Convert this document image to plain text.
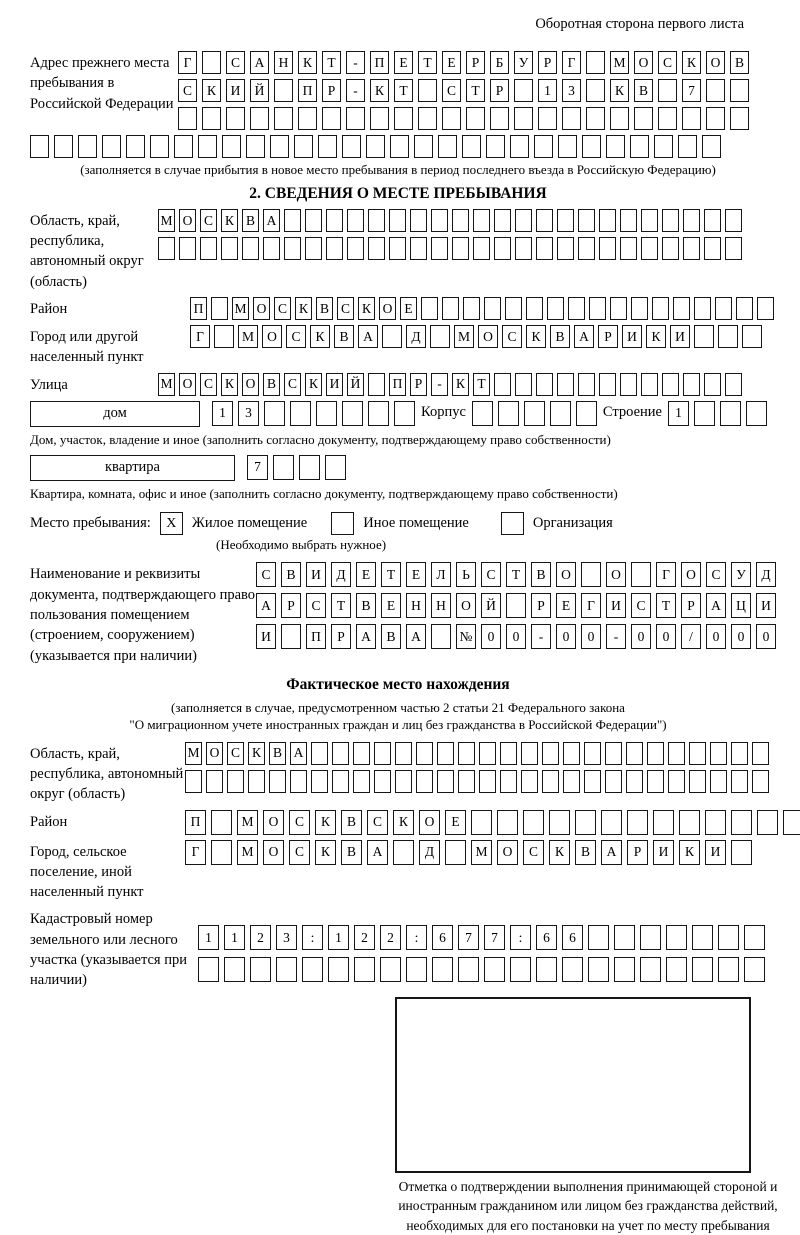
Оборотная сторона первого листа
Адрес прежнего места пребывания в Российской Федерации
Г	С	А	Н	К	Т	-	П	Е	Т	Е	Р	Б	У	Р	Г	М О	С	К	О	В
С	К	И	Й	П	Р	-	К	Т	С	Т	Р	1	3	К	В	7
(заполняется в случае прибытия в новое место пребывания в период последнего въезда в Российскую Федерацию)
2. СВЕДЕНИЯ О МЕСТЕ ПРЕБЫВАНИЯ
Область, край, республика, автономный округ (область)
М О С К В А
Район	П М О С К В С К О Е
Город или другой населенный пункт
Г	М О	С	К	В	А	Д	М О	С	К	В	А	Р	И	К	И
Улица	М О С К О В С К И Й П Р	-	К Т
дом	1	3	Корпус	Строение 1
Дом, участок, владение и иное (заполнить согласно документу, подтверждающему право собственности)
квартира	7
Квартира, комната, офис и иное (заполнить согласно документу, подтверждающему право собственности)
Место пребывания:	X	Жилое помещение	Иное помещение	Организация
(Необходимо выбрать нужное)
Наименование и реквизиты документа, подтверждающего право пользования помещением (строением, сооружением) (указывается при наличии)
С	В	И	Д	Е	Т	Е	Л	Ь	С	Т	В	О	О	Г	О	С	У	Д
А	Р	С	Т	В	Е	Н	Н	О	Й	Р	Е	Г	И	С	Т	Р	А	Ц	И
И	П	Р	А	В	А	№	0	0	-	0	0	-	0	0	/	0	0	0
Фактическое место нахождения
(заполняется в случае, предусмотренном частью 2 статьи 21 Федерального закона
"О миграционном учете иностранных граждан и лиц без гражданства в Российской Федерации")
Область, край, республика, автономный округ (область)
М О С К В А
Район	П	М	О	С	К	В	С	К	О	Е
Город, сельское поселение, иной населенный пункт
Г	М	О	С	К	В	А	Д	М	О	С	К	В	А	Р	И	К	И
Кадастровый номер земельного или лесного участка (указывается при наличии)
1	1	2	3	:	1	2	2	:	6	7	7	:	6	6
Отметка о подтверждении выполнения принимающей стороной и иностранным гражданином или лицом без гражданства действий, необходимых для его постановки на учет по месту пребывания
